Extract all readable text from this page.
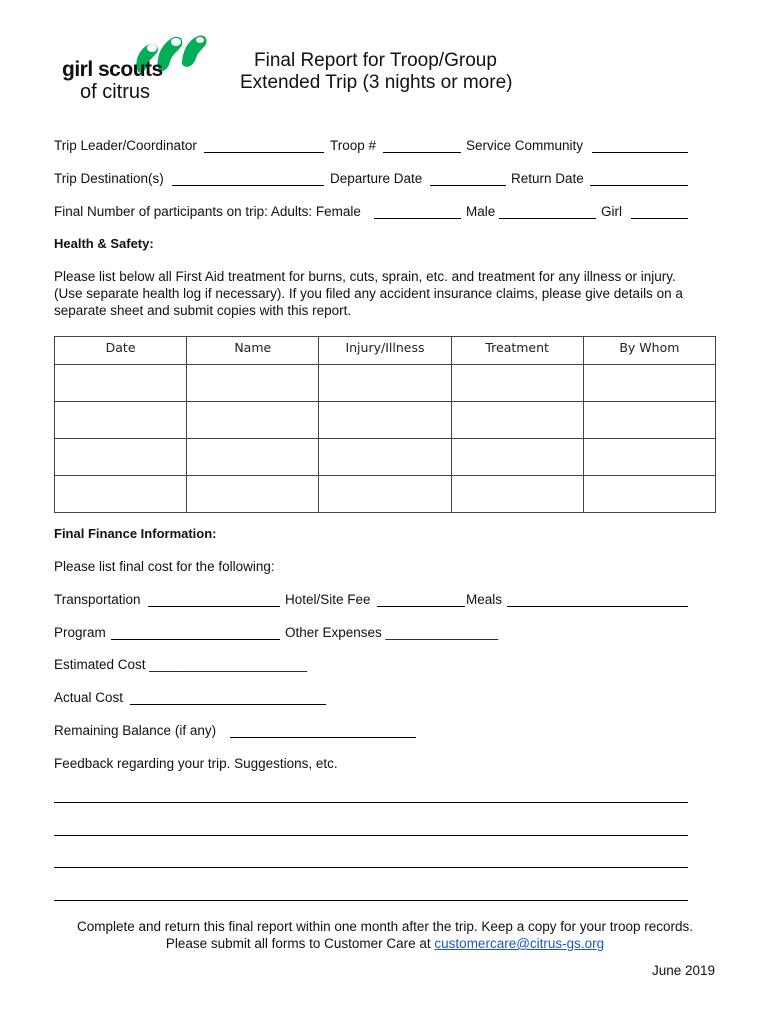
girl scouts
of citrus
Final Report for Troop/Group
Extended Trip (3 nights or more)
Trip Leader/Coordinator	Troop #	Service Community
Trip Destination(s)	Departure Date	Return Date
Final Number of participants on trip: Adults: Female	Male	Girl
Health & Safety:
Please list below all First Aid treatment for burns, cuts, sprain, etc. and treatment for any illness or injury.
(Use separate health log if necessary). If you filed any accident insurance claims, please give details on a
separate sheet and submit copies with this report.
Date	Name	Injury/Illness	Treatment	By Whom

Final Finance Information:
Please list final cost for the following:
Transportation	Hotel/Site Fee	Meals
Program	Other Expenses _______________
Estimated Cost _____________________
Actual Cost
Remaining Balance (if any)
Feedback regarding your trip. Suggestions, etc.
Complete and return this final report within one month after the trip. Keep a copy for your troop records.
Please submit all forms to Customer Care at customercare@citrus-gs.org
June 2019
